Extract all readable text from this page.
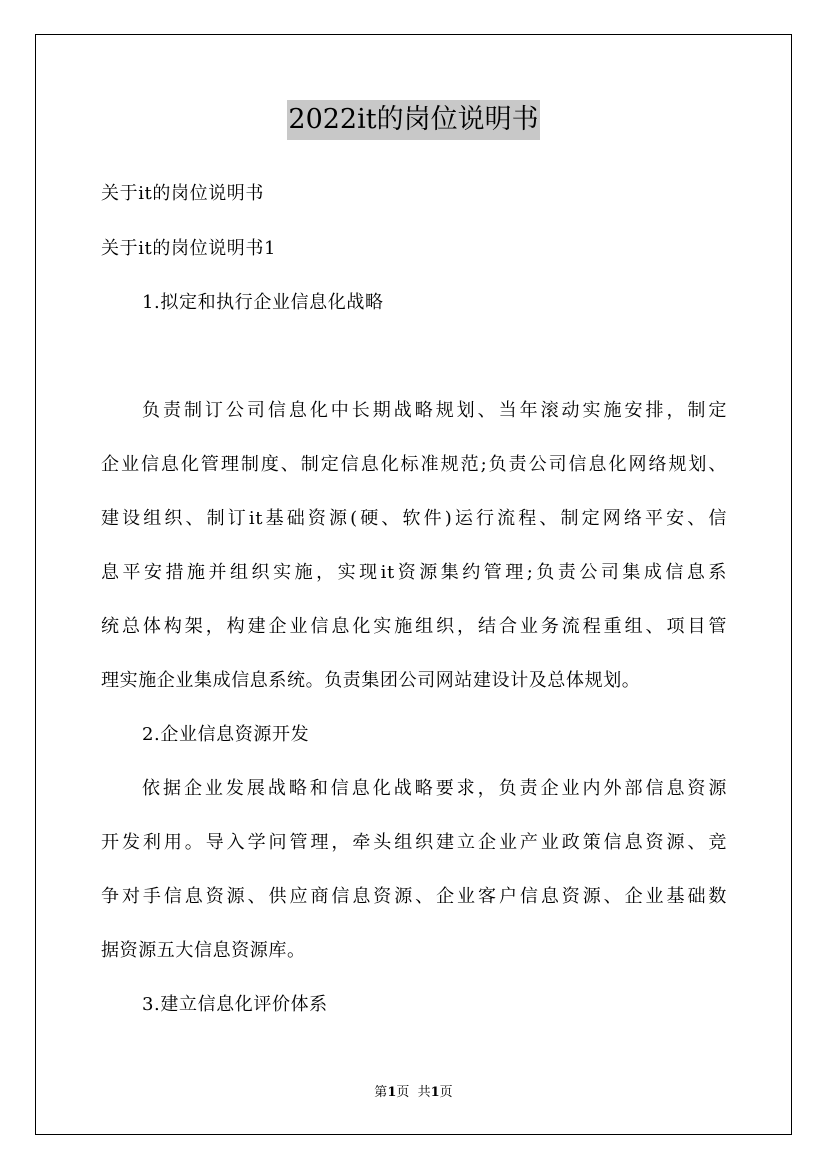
2022it的岗位说明书
关于it的岗位说明书
关于it的岗位说明书1
1.拟定和执行企业信息化战略
负责制订公司信息化中长期战略规划、当年滚动实施安排，制定
企业信息化管理制度、制定信息化标准规范;负责公司信息化网络规划、
建设组织、制订it基础资源(硬、软件)运行流程、制定网络平安、信
息平安措施并组织实施，实现it资源集约管理;负责公司集成信息系
统总体构架，构建企业信息化实施组织，结合业务流程重组、项目管
理实施企业集成信息系统。负责集团公司网站建设计及总体规划。
2.企业信息资源开发
依据企业发展战略和信息化战略要求，负责企业内外部信息资源
开发利用。导入学问管理，牵头组织建立企业产业政策信息资源、竞
争对手信息资源、供应商信息资源、企业客户信息资源、企业基础数
据资源五大信息资源库。
3.建立信息化评价体系
第1页  共1页
